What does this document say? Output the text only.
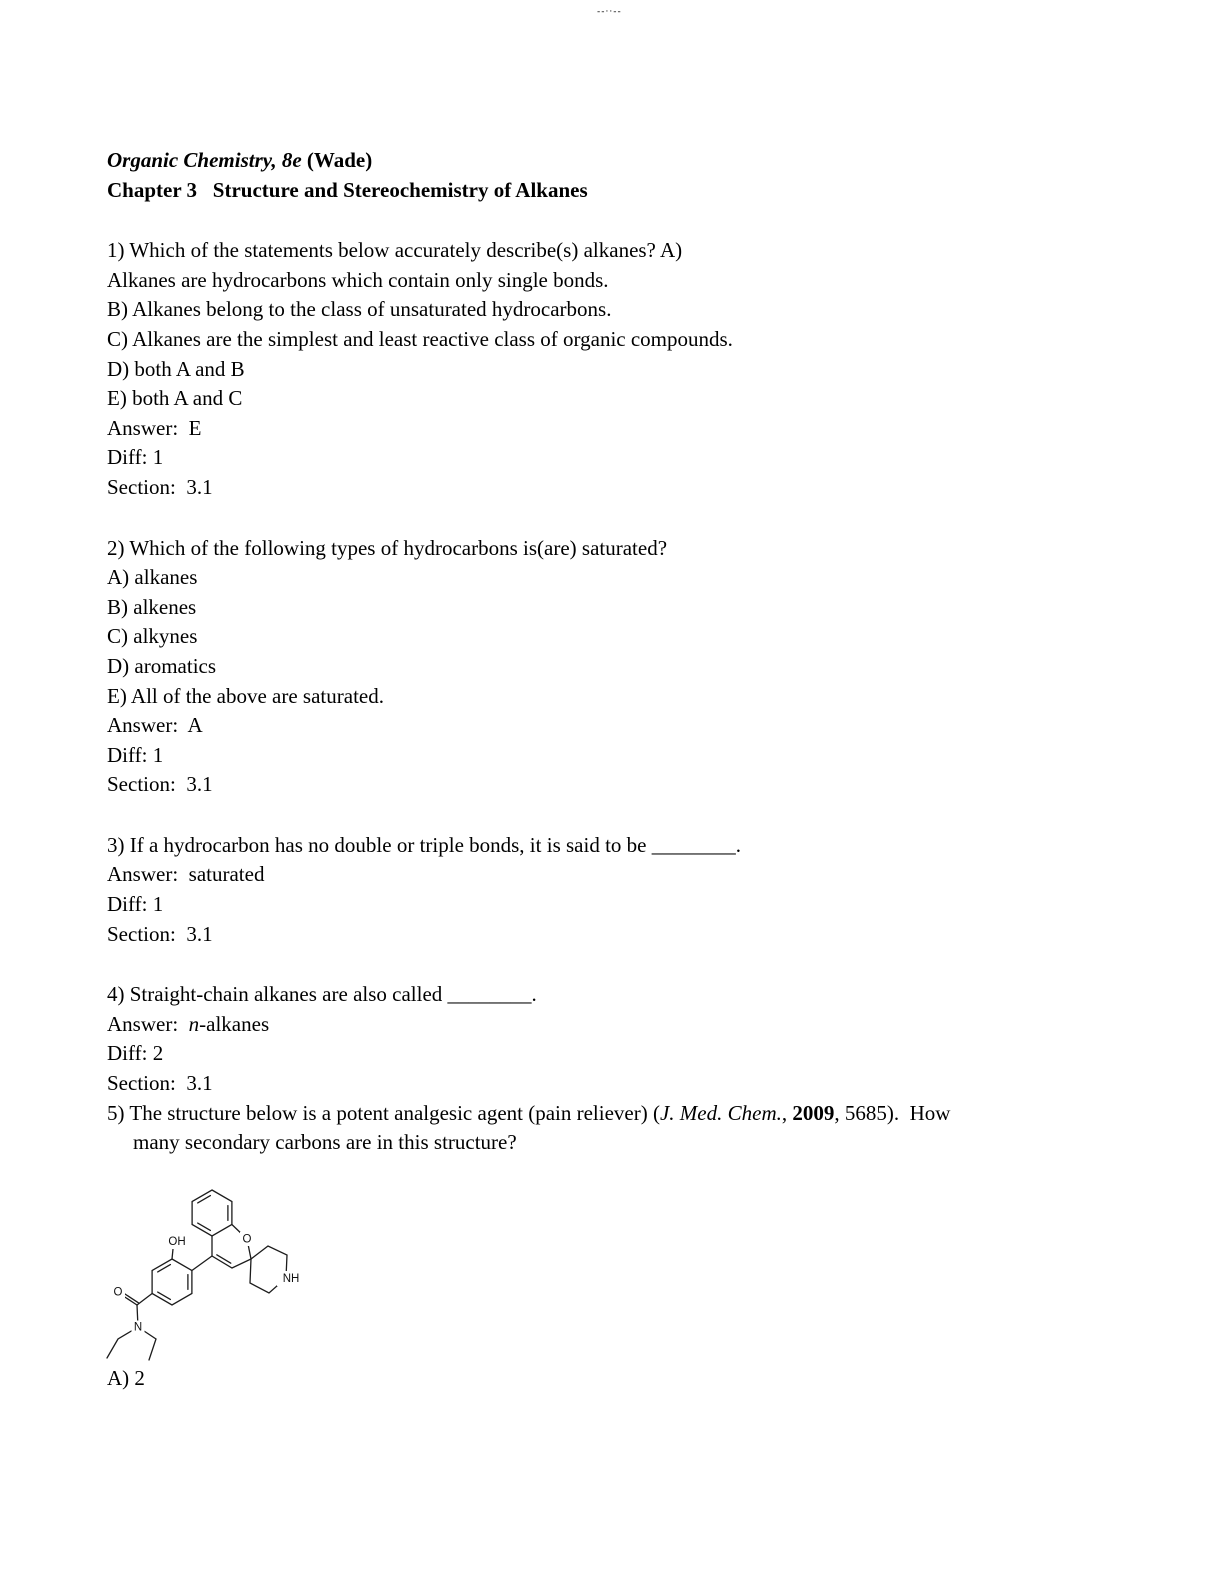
--··--

Organic Chemistry, 8e (Wade)

Chapter 3   Structure and Stereochemistry of Alkanes

1) Which of the statements below accurately describe(s) alkanes? A)

Alkanes are hydrocarbons which contain only single bonds.

B) Alkanes belong to the class of unsaturated hydrocarbons.

C) Alkanes are the simplest and least reactive class of organic compounds.

D) both A and B

E) both A and C

Answer:  E

Diff: 1

Section:  3.1

2) Which of the following types of hydrocarbons is(are) saturated?

A) alkanes

B) alkenes

C) alkynes

D) aromatics

E) All of the above are saturated.

Answer:  A

Diff: 1

Section:  3.1

3) If a hydrocarbon has no double or triple bonds, it is said to be ________.

Answer:  saturated

Diff: 1

Section:  3.1

4) Straight-chain alkanes are also called ________.

Answer:  n-alkanes

Diff: 2

Section:  3.1

5) The structure below is a potent analgesic agent (pain reliever) (J. Med. Chem., 2009, 5685).  How

many secondary carbons are in this structure?

OH	O
NH
O
N

A) 2
